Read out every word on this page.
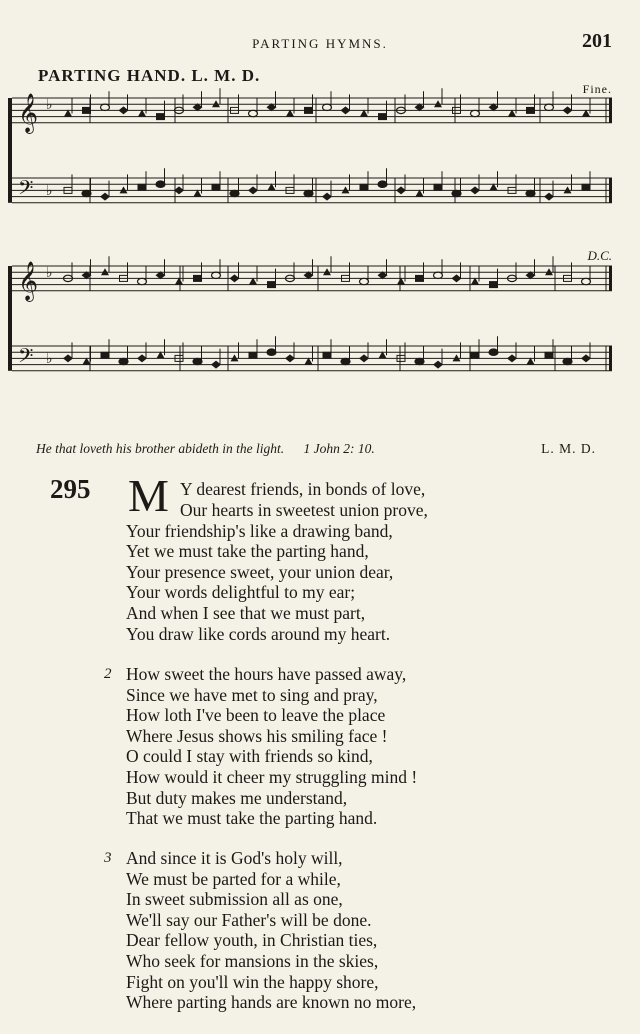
PARTING HYMNS.	201
PARTING HAND. L. M. D.
Fine.
D.C.
𝄞 ♭
𝄢 ♭
𝄞 ♭
𝄢 ♭
He that loveth his brother abideth in the light. 1 John 2: 10.	L. M. D.
295 M Y dearest friends, in bonds of love,
Our hearts in sweetest union prove,
Your friendship's like a drawing band,
Yet we must take the parting hand,
Your presence sweet, your union dear,
Your words delightful to my ear;
And when I see that we must part,
You draw like cords around my heart.
2 How sweet the hours have passed away,
Since we have met to sing and pray,
How loth I've been to leave the place
Where Jesus shows his smiling face !
O could I stay with friends so kind,
How would it cheer my struggling mind !
But duty makes me understand,
That we must take the parting hand.
3 And since it is God's holy will,
We must be parted for a while,
In sweet submission all as one,
We'll say our Father's will be done.
Dear fellow youth, in Christian ties,
Who seek for mansions in the skies,
Fight on you'll win the happy shore,
Where parting hands are known no more,
